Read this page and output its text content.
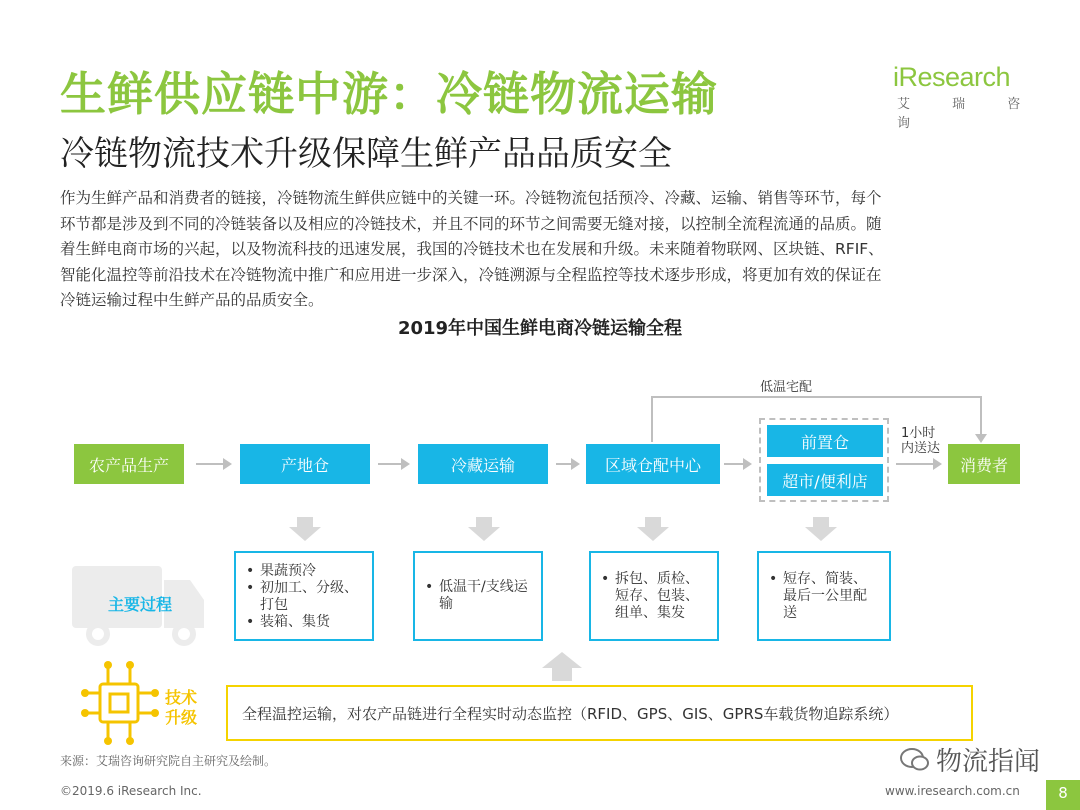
生鲜供应链中游：冷链物流运输
冷链物流技术升级保障生鲜产品品质安全
iResearch
艾 瑞 咨 询
作为生鲜产品和消费者的链接，冷链物流生鲜供应链中的关键一环。冷链物流包括预冷、冷藏、运输、销售等环节，每个
环节都是涉及到不同的冷链装备以及相应的冷链技术，并且不同的环节之间需要无缝对接，以控制全流程流通的品质。随
着生鲜电商市场的兴起，以及物流科技的迅速发展，我国的冷链技术也在发展和升级。未来随着物联网、区块链、RFIF、
智能化温控等前沿技术在冷链物流中推广和应用进一步深入，冷链溯源与全程监控等技术逐步形成，将更加有效的保证在
冷链运输过程中生鲜产品的品质安全。
2019年中国生鲜电商冷链运输全程
低温宅配
农产品生产	产地仓	冷藏运输	区域仓配中心
前置仓
超市/便利店
消费者
1小时
内送达
主要过程
• 果蔬预冷
• 初加工、分级、打包
• 装箱、集货
• 低温干/支线运输
• 拆包、质检、短存、包装、组单、集发
• 短存、简装、最后一公里配送
技术升级	全程温控运输，对农产品链进行全程实时动态监控（RFID、GPS、GIS、GPRS车载货物追踪系统）
来源：艾瑞咨询研究院自主研究及绘制。
©2019.6 iResearch Inc.	www.iresearch.com.cn	8
物流指闻
